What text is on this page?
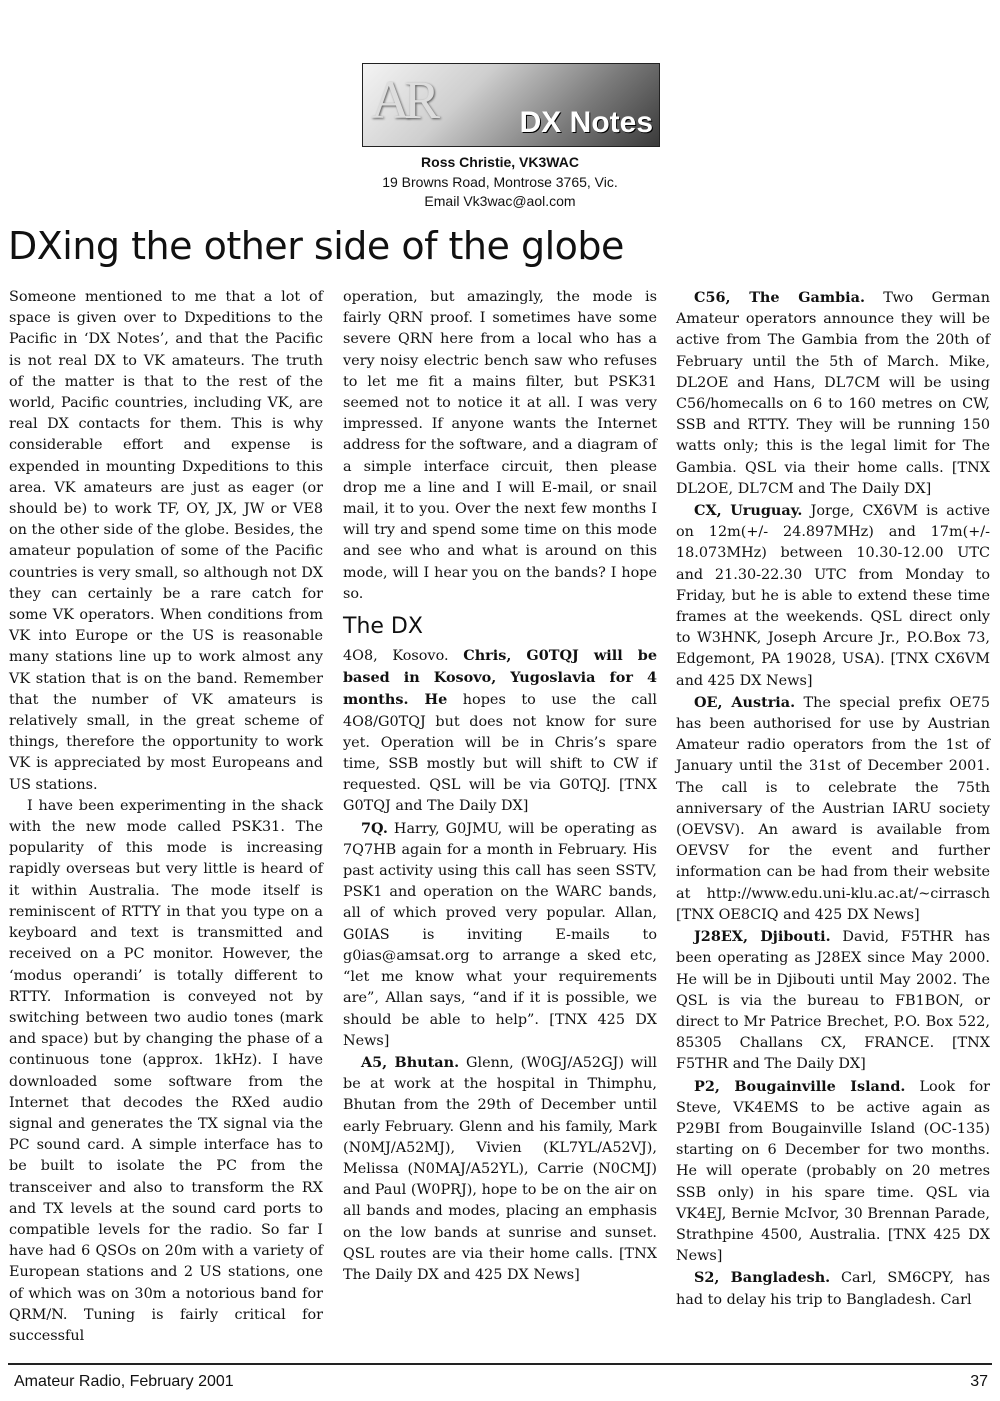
AR	DX Notes

Ross Christie, VK3WAC

19 Browns Road, Montrose 3765, Vic.

Email Vk3wac@aol.com

DXing the other side of the globe

Someone mentioned to me that a lot of space is given over to Dxpeditions to the Pacific in ‘DX Notes’, and that the Pacific is not real DX to VK amateurs. The truth of the matter is that to the rest of the world, Pacific countries, including VK, are real DX contacts for them. This is why considerable effort and expense is expended in mounting Dxpeditions to this area. VK amateurs are just as eager (or should be) to work TF, OY, JX, JW or VE8 on the other side of the globe. Besides, the amateur population of some of the Pacific countries is very small, so although not DX they can certainly be a rare catch for some VK operators. When conditions from VK into Europe or the US is reasonable many stations line up to work almost any VK station that is on the band. Remember that the number of VK amateurs is relatively small, in the great scheme of things, therefore the opportunity to work VK is appreciated by most Europeans and US stations.

I have been experimenting in the shack with the new mode called PSK31. The popularity of this mode is increasing rapidly overseas but very little is heard of it within Australia. The mode itself is reminiscent of RTTY in that you type on a keyboard and text is transmitted and received on a PC monitor. However, the ‘modus operandi’ is totally different to RTTY. Information is conveyed not by switching between two audio tones (mark and space) but by changing the phase of a continuous tone (approx. 1kHz). I have downloaded some software from the Internet that decodes the RXed audio signal and generates the TX signal via the PC sound card. A simple interface has to be built to isolate the PC from the transceiver and also to transform the RX and TX levels at the sound card ports to compatible levels for the radio. So far I have had 6 QSOs on 20m with a variety of European stations and 2 US stations, one of which was on 30m a notorious band for QRM/N. Tuning is fairly critical for successful

operation, but amazingly, the mode is fairly QRN proof. I sometimes have some severe QRN here from a local who has a very noisy electric bench saw who refuses to let me fit a mains filter, but PSK31 seemed not to notice it at all. I was very impressed. If anyone wants the Internet address for the software, and a diagram of a simple interface circuit, then please drop me a line and I will E-mail, or snail mail, it to you. Over the next few months I will try and spend some time on this mode and see who and what is around on this mode, will I hear you on the bands? I hope so.

The DX

4O8, Kosovo. Chris, G0TQJ will be based in Kosovo, Yugoslavia for 4 months. He hopes to use the call 4O8/G0TQJ but does not know for sure yet. Operation will be in Chris’s spare time, SSB mostly but will shift to CW if requested. QSL will be via G0TQJ. [TNX G0TQJ and The Daily DX]

7Q. Harry, G0JMU, will be operating as 7Q7HB again for a month in February. His past activity using this call has seen SSTV, PSK1 and operation on the WARC bands, all of which proved very popular. Allan, G0IAS is inviting E-mails to g0ias@amsat.org to arrange a sked etc, “let me know what your requirements are”, Allan says, “and if it is possible, we should be able to help”. [TNX 425 DX News]

A5, Bhutan. Glenn, (W0GJ/A52GJ) will be at work at the hospital in Thimphu, Bhutan from the 29th of December until early February. Glenn and his family, Mark (N0MJ/A52MJ), Vivien (KL7YL/A52VJ), Melissa (N0MAJ/A52YL), Carrie (N0CMJ) and Paul (W0PRJ), hope to be on the air on all bands and modes, placing an emphasis on the low bands at sunrise and sunset. QSL routes are via their home calls. [TNX The Daily DX and 425 DX News]

C56, The Gambia. Two German Amateur operators announce they will be active from The Gambia from the 20th of February until the 5th of March. Mike, DL2OE and Hans, DL7CM will be using C56/homecalls on 6 to 160 metres on CW, SSB and RTTY. They will be running 150 watts only; this is the legal limit for The Gambia. QSL via their home calls. [TNX DL2OE, DL7CM and The Daily DX]

CX, Uruguay. Jorge, CX6VM is active on 12m(+/- 24.897MHz) and 17m(+/- 18.073MHz) between 10.30-12.00 UTC and 21.30-22.30 UTC from Monday to Friday, but he is able to extend these time frames at the weekends. QSL direct only to W3HNK, Joseph Arcure Jr., P.O.Box 73, Edgemont, PA 19028, USA). [TNX CX6VM and 425 DX News]

OE, Austria. The special prefix OE75 has been authorised for use by Austrian Amateur radio operators from the 1st of January until the 31st of December 2001. The call is to celebrate the 75th anniversary of the Austrian IARU society (OEVSV). An award is available from OEVSV for the event and further information can be had from their website at http://www.edu.uni-klu.ac.at/~cirrasch [TNX OE8CIQ and 425 DX News]

J28EX, Djibouti. David, F5THR has been operating as J28EX since May 2000. He will be in Djibouti until May 2002. The QSL is via the bureau to FB1BON, or direct to Mr Patrice Brechet, P.O. Box 522, 85305 Challans CX, FRANCE. [TNX F5THR and The Daily DX]

P2, Bougainville Island. Look for Steve, VK4EMS to be active again as P29BI from Bougainville Island (OC-135) starting on 6 December for two months. He will operate (probably on 20 metres SSB only) in his spare time. QSL via VK4EJ, Bernie McIvor, 30 Brennan Parade, Strathpine 4500, Australia. [TNX 425 DX News]

S2, Bangladesh. Carl, SM6CPY, has had to delay his trip to Bangladesh. Carl

Amateur Radio, February 2001	37
